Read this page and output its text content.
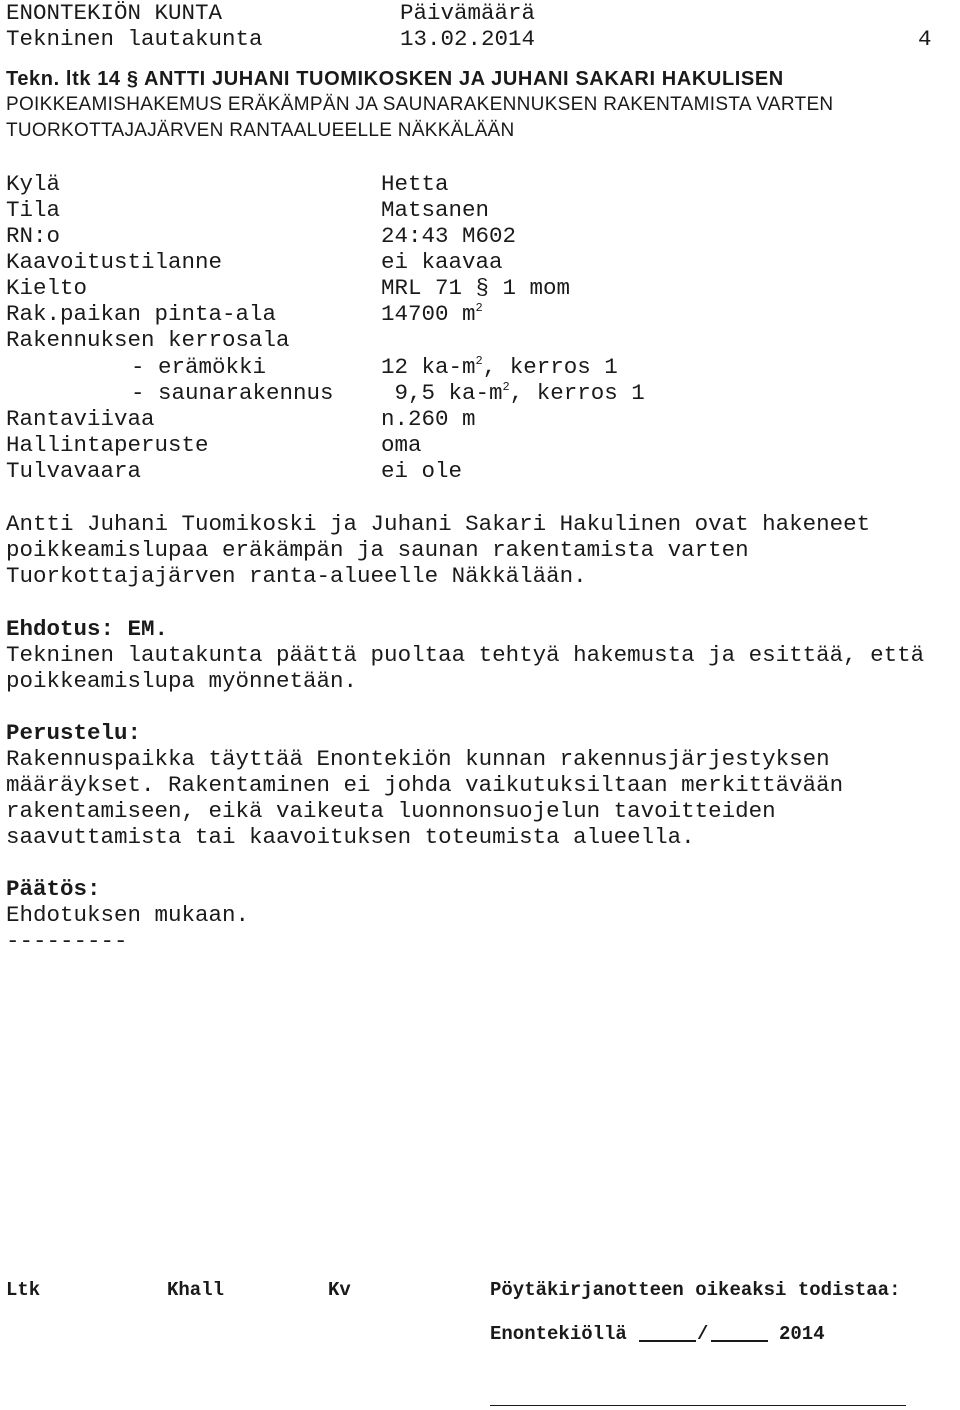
ENONTEKIÖN KUNTA	Päivämäärä
Tekninen lautakunta	13.02.2014	4
Tekn. ltk 14 § ANTTI JUHANI TUOMIKOSKEN JA JUHANI SAKARI HAKULISEN
POIKKEAMISHAKEMUS ERÄKÄMPÄN JA SAUNARAKENNUKSEN RAKENTAMISTA VARTEN
TUORKOTTAJAJÄRVEN RANTAALUEELLE NÄKKÄLÄÄN
Kylä	Hetta
Tila	Matsanen
RN:o	24:43 M602
Kaavoitustilanne	ei kaavaa
Kielto	MRL 71 § 1 mom
Rak.paikan pinta-ala	14700 $m^2$
Rakennuksen kerrosala
- erämökki	12 $ka-m^2$, kerros 1
- saunarakennus 9,5 $ka-m^2$, kerros 1
Rantaviivaa	n.260 m
Hallintaperuste	oma
Tulvavaara	ei ole
Antti Juhani Tuomikoski ja Juhani Sakari Hakulinen ovat hakeneet
poikkeamislupaa eräkämpän ja saunan rakentamista varten
Tuorkottajajärven ranta-alueelle Näkkälään.
Ehdotus: EM.
Tekninen lautakunta päättä puoltaa tehtyä hakemusta ja esittää, että
poikkeamislupa myönnetään.
Perustelu:
Rakennuspaikka täyttää Enontekiön kunnan rakennusjärjestyksen
määräykset. Rakentaminen ei johda vaikutuksiltaan merkittävään
rakentamiseen, eikä vaikeuta luonnonsuojelun tavoitteiden
saavuttamista tai kaavoituksen toteumista alueella.
Päätös:
Ehdotuksen mukaan.
---------
Ltk	Khall	Kv	Pöytäkirjanotteen oikeaksi todistaa:
Enontekiöllä	/	2014
